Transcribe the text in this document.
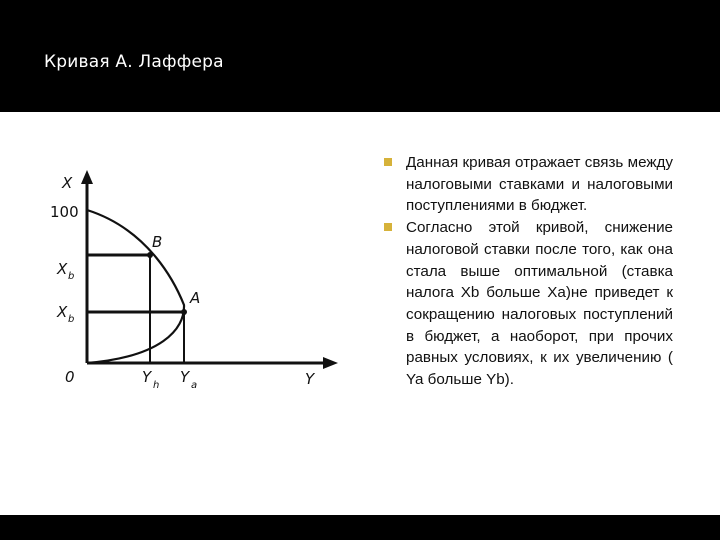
Кривая А. Лаффера
X
100
B
A
X b
X b
0	Y h Y a	Y
Данная кривая отражает связь между налоговыми ставками и налоговыми поступлениями в бюджет.
Согласно этой кривой, снижение налоговой ставки после того, как она стала выше оптимальной (ставка налога Xb больше Xa)не приведет к сокращению налоговых поступлений в бюджет, а наоборот, при прочих равных условиях, к их увеличению ( Ya больше Yb).
